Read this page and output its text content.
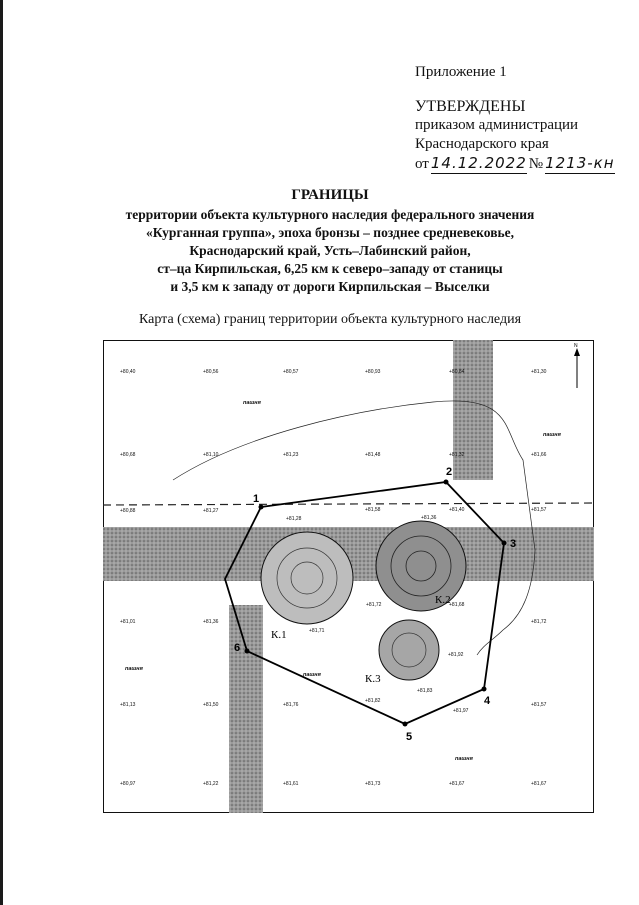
Приложение 1
УТВЕРЖДЕНЫ
приказом администрации
Краснодарского края
от 14.12.2022 № 1213-кн
ГРАНИЦЫ
территории объекта культурного наследия федерального значения
«Курганная группа», эпоха бронзы – позднее средневековье,
Краснодарский край, Усть–Лабинский район,
ст–ца Кирпильская, 6,25 км к северо–западу от станицы
и 3,5 км к западу от дороги Кирпильская – Выселки
Карта (схема) границ территории объекта культурного наследия
1
2
3
4
5
6
К.1
К.2
К.3
+80,40	+80,56	+80,57	+80,93	+80,84	+81,30
+80,68	+81,10	+81,23	+81,48	+81,32	+81,66
+80,88	+81,27
+81,28
+81,58
+81,36
+81,40	+81,57
+81,01	+81,36
+81,72	+81,68
+81,72
+81,13	+81,50	+81,76
+81,82
+81,83
+81,92
+81,97
+81,57
+80,97	+81,22	+81,61	+81,73	+81,67	+81,67
+81,71
пашня
пашня
пашня
пашня
пашня
N
